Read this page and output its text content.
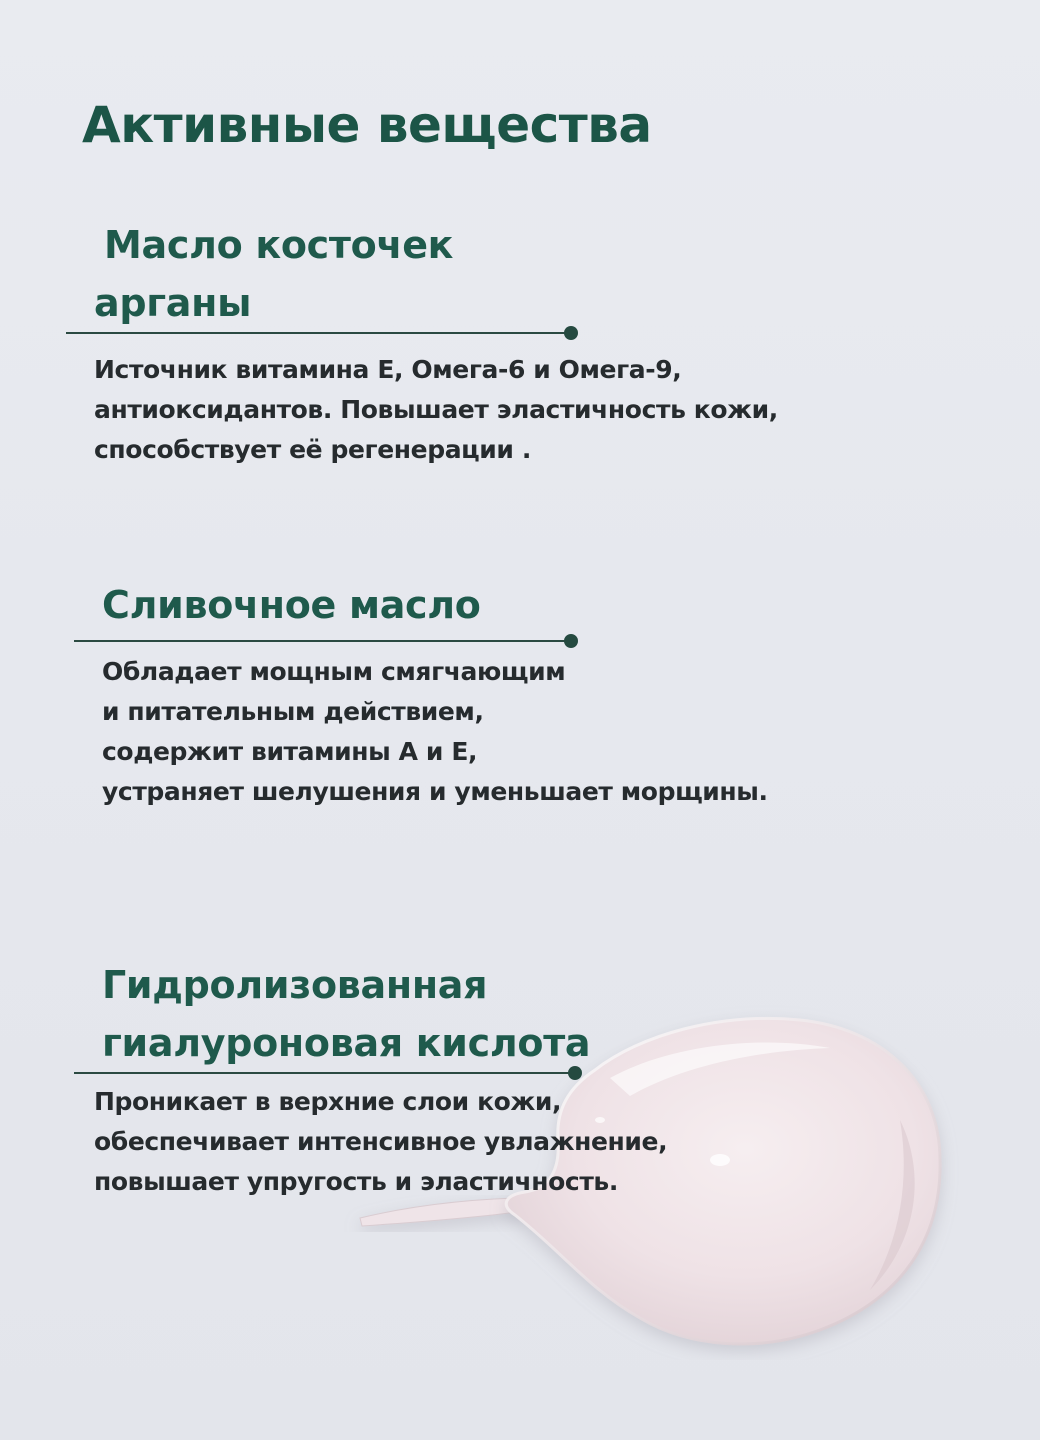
Активные вещества
Масло косточек
арганы

Источник витамина Е, Омега-6 и Омега-9,
антиоксидантов. Повышает эластичность кожи,
способствует её регенерации .

Сливочное масло

Обладает мощным смягчающим
и питательным действием,
содержит витамины А и Е,
устраняет шелушения и уменьшает морщины.

Гидролизованная
гиалуроновая кислота

Проникает в верхние слои кожи,
обеспечивает интенсивное увлажнение,
повышает упругость и эластичность.
